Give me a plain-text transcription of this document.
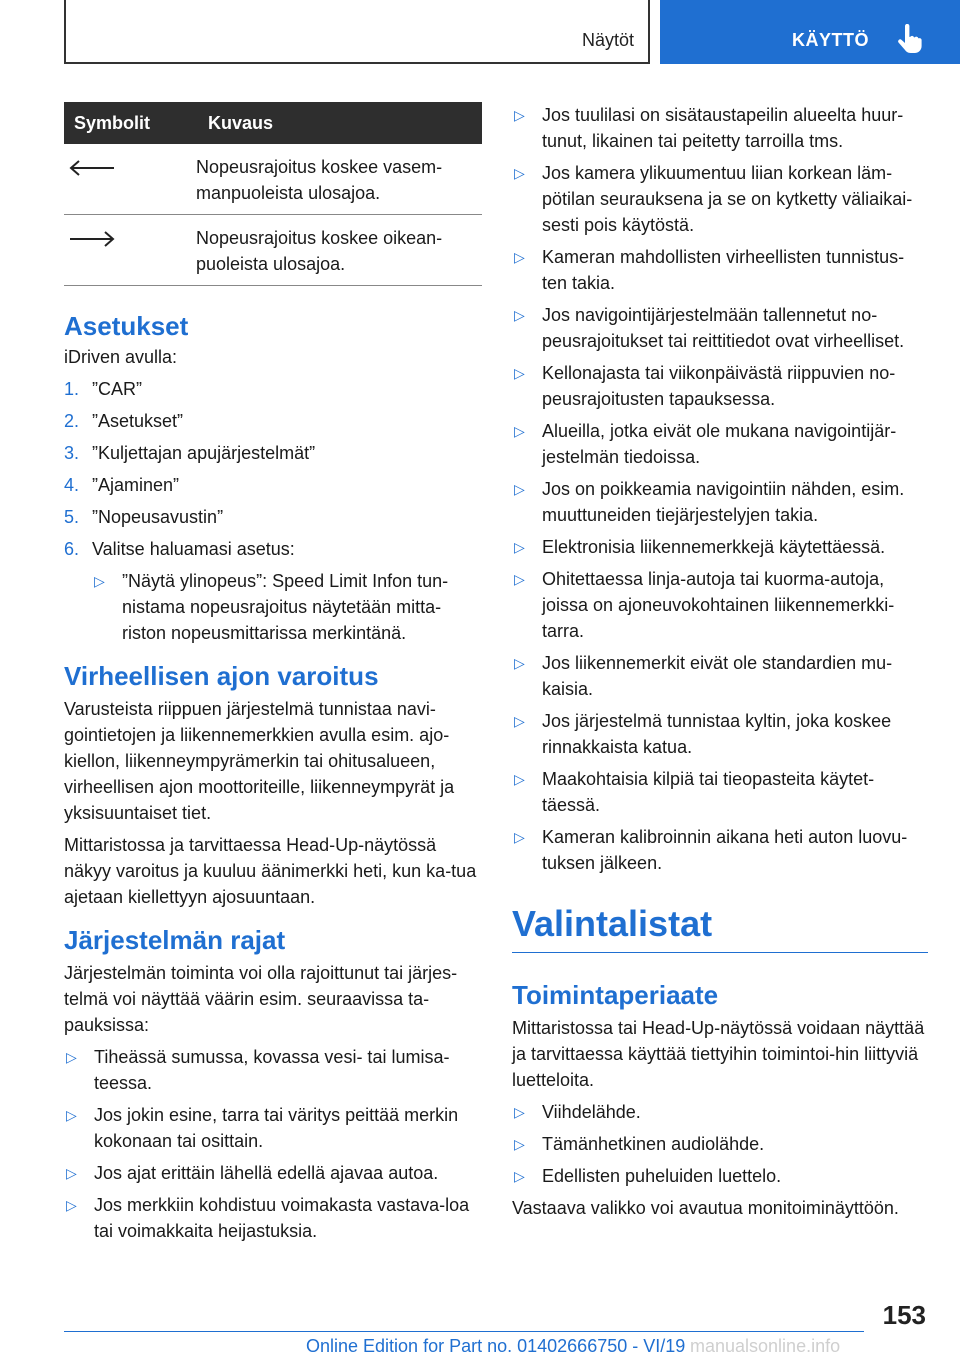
Näytöt	KÄYTTÖ
Symbolit	Kuvaus

	Nopeusrajoitus koskee vasem-manpuoleista ulosajoa.

	Nopeusrajoitus koskee oikean-puoleista ulosajoa.
Asetukset

iDriven avulla:

1. ”CAR”
2. ”Asetukset”
3. ”Kuljettajan apujärjestelmät”
4. ”Ajaminen”
5. ”Nopeusavustin”
6. Valitse haluamasi asetus:
▷ ”Näytä ylinopeus”: Speed Limit Infon tun-nistama nopeusrajoitus näytetään mitta-riston nopeusmittarissa merkintänä.
Virheellisen ajon varoitus

Varusteista riippuen järjestelmä tunnistaa navi-gointietojen ja liikennemerkkien avulla esim. ajo-kiellon, liikenneympyrämerkin tai ohitusalueen, virheellisen ajon moottoriteille, liikenneympyrät ja yksisuuntaiset tiet.

Mittaristossa ja tarvittaessa Head-Up-näytössä näkyy varoitus ja kuuluu äänimerkki heti, kun ka-tua ajetaan kiellettyyn ajosuuntaan.

Järjestelmän rajat

Järjestelmän toiminta voi olla rajoittunut tai järjes-telmä voi näyttää väärin esim. seuraavissa ta-pauksissa:

▷ Tiheässä sumussa, kovassa vesi- tai lumisa-teessa.
▷ Jos jokin esine, tarra tai väritys peittää merkin kokonaan tai osittain.
▷ Jos ajat erittäin lähellä edellä ajavaa autoa.
▷ Jos merkkiin kohdistuu voimakasta vastava-loa tai voimakkaita heijastuksia.
▷ Jos tuulilasi on sisätaustapeilin alueelta huur-tunut, likainen tai peitetty tarroilla tms.
▷ Jos kamera ylikuumentuu liian korkean läm-pötilan seurauksena ja se on kytketty väliaikai-sesti pois käytöstä.
▷ Kameran mahdollisten virheellisten tunnistus-ten takia.
▷ Jos navigointijärjestelmään tallennetut no-peusrajoitukset tai reittitiedot ovat virheelliset.
▷ Kellonajasta tai viikonpäivästä riippuvien no-peusrajoitusten tapauksessa.
▷ Alueilla, jotka eivät ole mukana navigointijär-jestelmän tiedoissa.
▷ Jos on poikkeamia navigointiin nähden, esim. muuttuneiden tiejärjestelyjen takia.
▷ Elektronisia liikennemerkkejä käytettäessä.
▷ Ohitettaessa linja-autoja tai kuorma-autoja, joissa on ajoneuvokohtainen liikennemerkki-tarra.
▷ Jos liikennemerkit eivät ole standardien mu-kaisia.
▷ Jos järjestelmä tunnistaa kyltin, joka koskee rinnakkaista katua.
▷ Maakohtaisia kilpiä tai tieopasteita käytet-täessä.
▷ Kameran kalibroinnin aikana heti auton luovu-tuksen jälkeen.
Valintalistat
Toimintaperiaate

Mittaristossa tai Head-Up-näytössä voidaan näyttää ja tarvittaessa käyttää tiettyihin toimintoi-hin liittyviä luetteloita.

▷ Viihdelähde.
▷ Tämänhetkinen audiolähde.
▷ Edellisten puheluiden luettelo.

Vastaava valikko voi avautua monitoiminäyttöön.

153
Online Edition for Part no. 01402666750 - VI/19 manualsonline.info
